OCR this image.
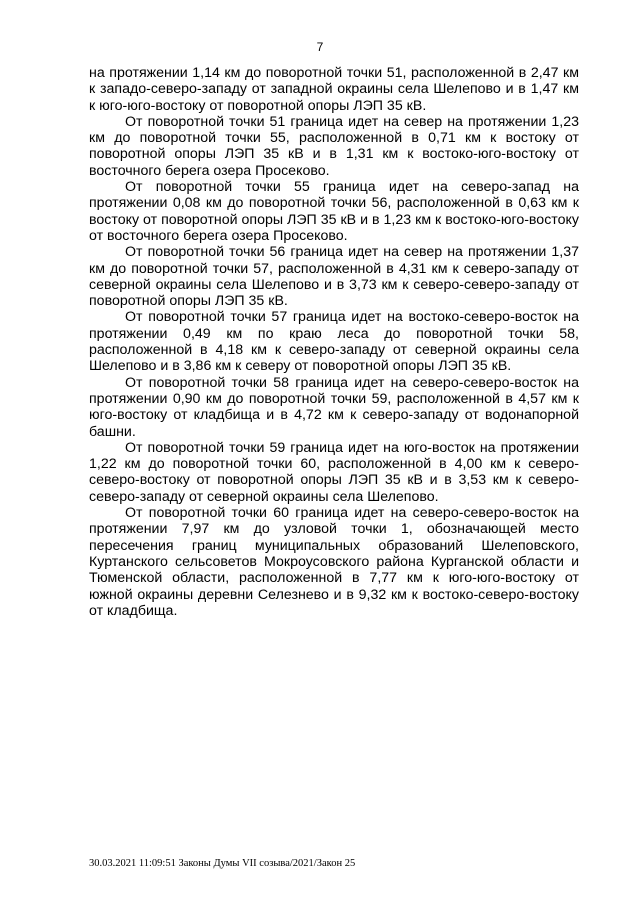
7

на протяжении 1,14 км до поворотной точки 51, расположенной в 2,47 км к западо-северо-западу от западной окраины села Шелепово и в 1,47 км к юго-юго-востоку от поворотной опоры ЛЭП 35 кВ.

От поворотной точки 51 граница идет на север на протяжении 1,23 км до поворотной точки 55, расположенной в 0,71 км к востоку от поворотной опоры ЛЭП 35 кВ и в 1,31 км к востоко-юго-востоку от восточного берега озера Просеково.

От поворотной точки 55 граница идет на северо-запад на протяжении 0,08 км до поворотной точки 56, расположенной в 0,63 км к востоку от поворотной опоры ЛЭП 35 кВ и в 1,23 км к востоко-юго-востоку от восточного берега озера Просеково.

От поворотной точки 56 граница идет на север на протяжении 1,37 км до поворотной точки 57, расположенной в 4,31 км к северо-западу от северной окраины села Шелепово и в 3,73 км к северо-северо-западу от поворотной опоры ЛЭП 35 кВ.

От поворотной точки 57 граница идет на востоко-северо-восток на протяжении 0,49 км по краю леса до поворотной точки 58, расположенной в 4,18 км к северо-западу от северной окраины села Шелепово и в 3,86 км к северу от поворотной опоры ЛЭП 35 кВ.

От поворотной точки 58 граница идет на северо-северо-восток на протяжении 0,90 км до поворотной точки 59, расположенной в 4,57 км к юго-востоку от кладбища и в 4,72 км к северо-западу от водонапорной башни.

От поворотной точки 59 граница идет на юго-восток на протяжении 1,22 км до поворотной точки 60, расположенной в 4,00 км к северо-северо-востоку от поворотной опоры ЛЭП 35 кВ и в 3,53 км к северо-северо-западу от северной окраины села Шелепово.

От поворотной точки 60 граница идет на северо-северо-восток на протяжении 7,97 км до узловой точки 1, обозначающей место пересечения границ муниципальных образований Шелеповского, Куртанского сельсоветов Мокроусовского района Курганской области и Тюменской области, расположенной в 7,77 км к юго-юго-востоку от южной окраины деревни Селезнево и в 9,32 км к востоко-северо-востоку от кладбища.

30.03.2021 11:09:51 Законы Думы VII созыва/2021/Закон 25
